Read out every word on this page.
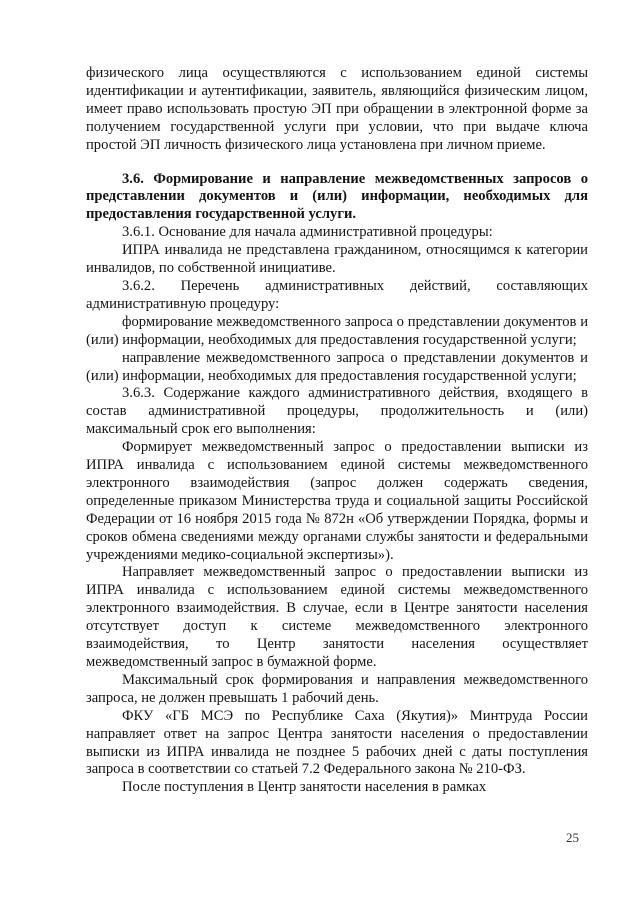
физического лица осуществляются с использованием единой системы идентификации и аутентификации, заявитель, являющийся физическим лицом, имеет право использовать простую ЭП при обращении в электронной форме за получением государственной услуги при условии, что при выдаче ключа простой ЭП личность физического лица установлена при личном приеме.

3.6. Формирование и направление межведомственных запросов о представлении документов и (или) информации, необходимых для предоставления государственной услуги.

3.6.1. Основание для начала административной процедуры:

ИПРА инвалида не представлена гражданином, относящимся к категории инвалидов, по собственной инициативе.

3.6.2. Перечень административных действий, составляющих административную процедуру:

формирование межведомственного запроса о представлении документов и (или) информации, необходимых для предоставления государственной услуги;

направление межведомственного запроса о представлении документов и (или) информации, необходимых для предоставления государственной услуги;

3.6.3. Содержание каждого административного действия, входящего в состав административной процедуры, продолжительность и (или) максимальный срок его выполнения:

Формирует межведомственный запрос о предоставлении выписки из ИПРА инвалида с использованием единой системы межведомственного электронного взаимодействия (запрос должен содержать сведения, определенные приказом Министерства труда и социальной защиты Российской Федерации от 16 ноября 2015 года № 872н «Об утверждении Порядка, формы и сроков обмена сведениями между органами службы занятости и федеральными учреждениями медико-социальной экспертизы»).

Направляет межведомственный запрос о предоставлении выписки из ИПРА инвалида с использованием единой системы межведомственного электронного взаимодействия. В случае, если в Центре занятости населения отсутствует доступ к системе межведомственного электронного взаимодействия, то Центр занятости населения осуществляет межведомственный запрос в бумажной форме.

Максимальный срок формирования и направления межведомственного запроса, не должен превышать 1 рабочий день.

ФКУ «ГБ МСЭ по Республике Саха (Якутия)» Минтруда России направляет ответ на запрос Центра занятости населения о предоставлении выписки из ИПРА инвалида не позднее 5 рабочих дней с даты поступления запроса в соответствии со статьей 7.2 Федерального закона № 210-ФЗ.

После поступления в Центр занятости населения в рамках

25
